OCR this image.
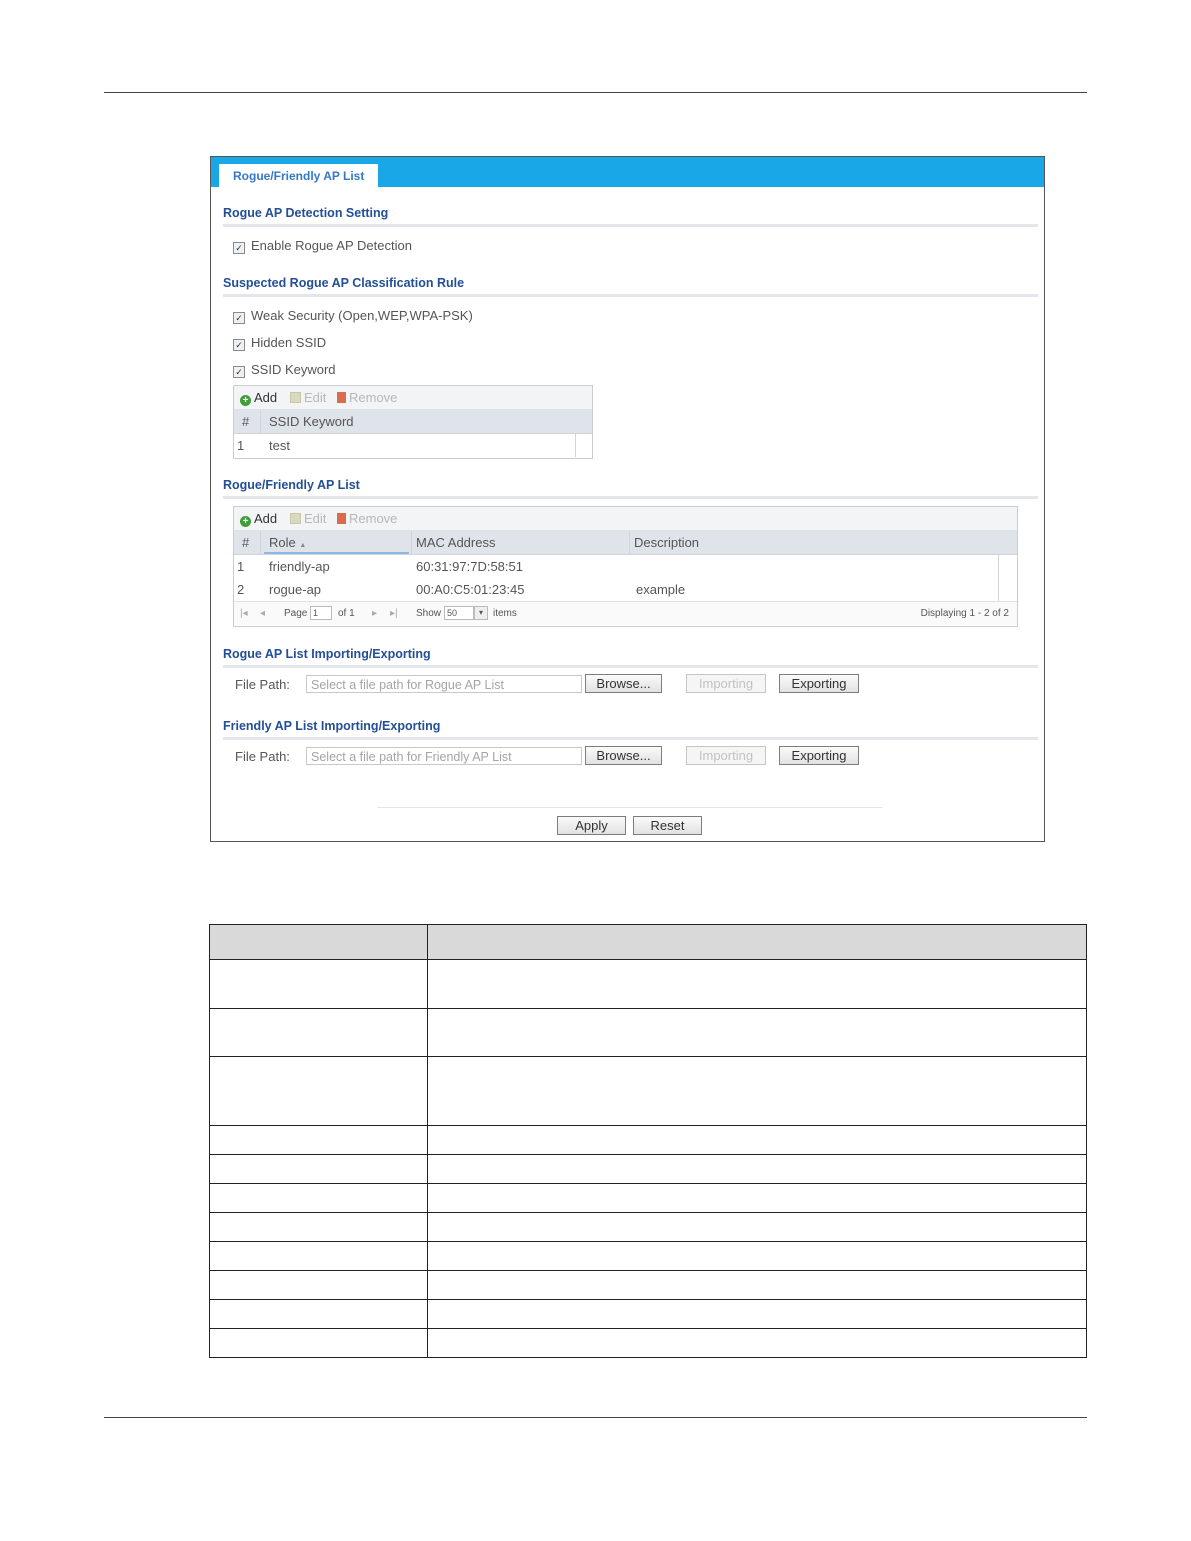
Rogue/Friendly AP List
Rogue AP Detection Setting
✓ Enable Rogue AP Detection
Suspected Rogue AP Classification Rule
✓ Weak Security (Open,WEP,WPA-PSK)
✓ Hidden SSID
✓ SSID Keyword
+ Add	Edit	Remove
# SSID Keyword
1 test
Rogue/Friendly AP List
+ Add	Edit	Remove
# Role ▲	MAC Address	Description
1 friendly-ap	60:31:97:7D:58:51
2 rogue-ap	00:A0:C5:01:23:45	example
|◂ ◂ Page 1	of 1 ▸ ▸| Show 50	▾	items	Displaying 1 - 2 of 2
Rogue AP List Importing/Exporting
File Path:	Select a file path for Rogue AP List	Browse...	Importing	Exporting
Friendly AP List Importing/Exporting
File Path:	Select a file path for Friendly AP List	Browse...	Importing	Exporting
Apply	Reset
